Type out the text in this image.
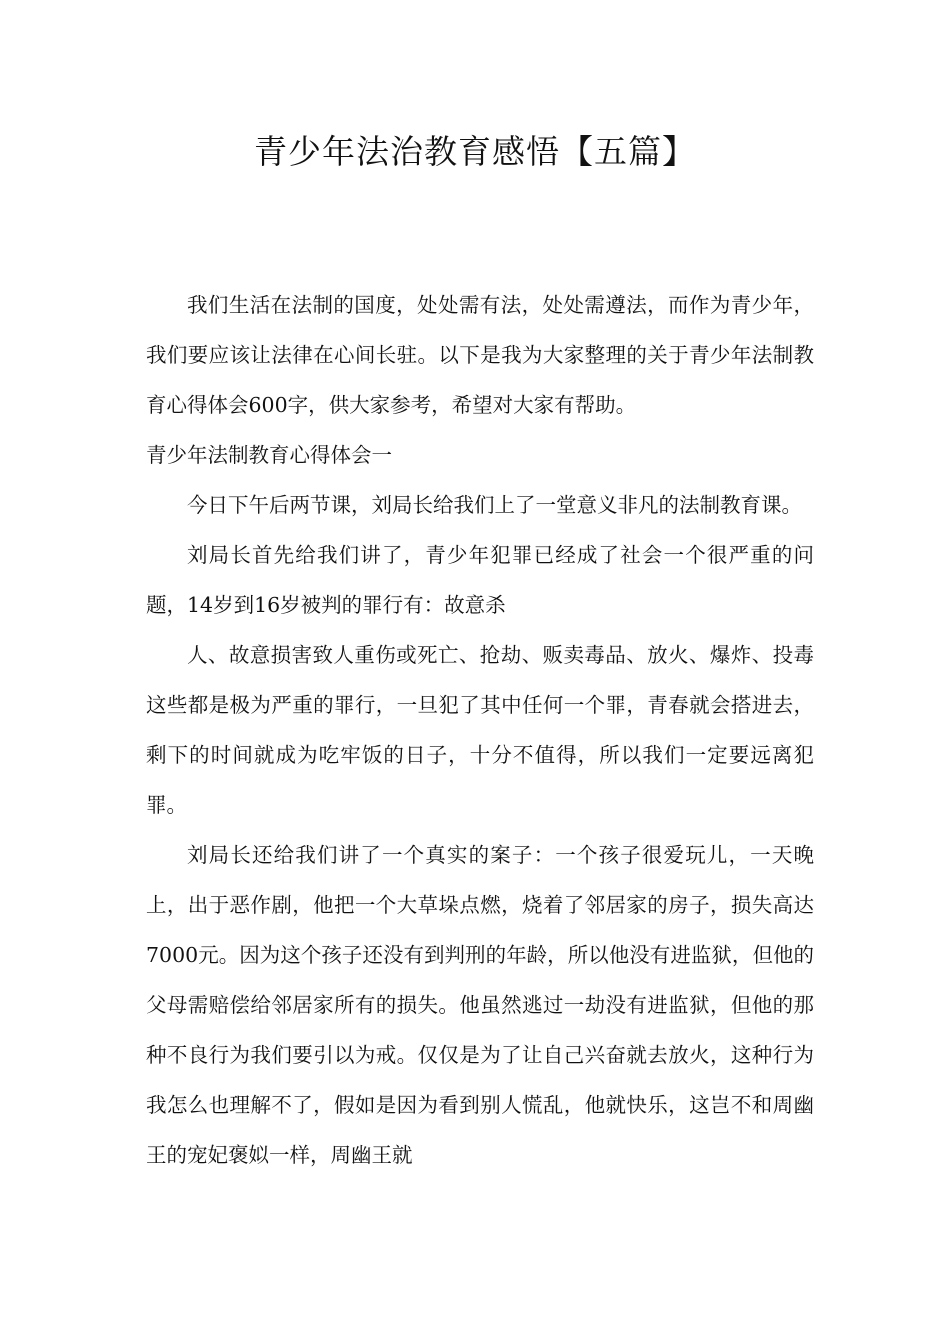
青少年法治教育感悟【五篇】

我们生活在法制的国度，处处需有法，处处需遵法，而作为青少年，我们要应该让法律在心间长驻。以下是我为大家整理的关于青少年法制教育心得体会600字，供大家参考，希望对大家有帮助。

青少年法制教育心得体会一

今日下午后两节课，刘局长给我们上了一堂意义非凡的法制教育课。

刘局长首先给我们讲了，青少年犯罪已经成了社会一个很严重的问题，14岁到16岁被判的罪行有：故意杀

人、故意损害致人重伤或死亡、抢劫、贩卖毒品、放火、爆炸、投毒这些都是极为严重的罪行，一旦犯了其中任何一个罪，青春就会搭进去，剩下的时间就成为吃牢饭的日子，十分不值得，所以我们一定要远离犯罪。

刘局长还给我们讲了一个真实的案子：一个孩子很爱玩儿，一天晚上，出于恶作剧，他把一个大草垛点燃，烧着了邻居家的房子，损失高达7000元。因为这个孩子还没有到判刑的年龄，所以他没有进监狱，但他的父母需赔偿给邻居家所有的损失。他虽然逃过一劫没有进监狱，但他的那种不良行为我们要引以为戒。仅仅是为了让自己兴奋就去放火，这种行为我怎么也理解不了，假如是因为看到别人慌乱，他就快乐，这岂不和周幽王的宠妃褒姒一样，周幽王就
